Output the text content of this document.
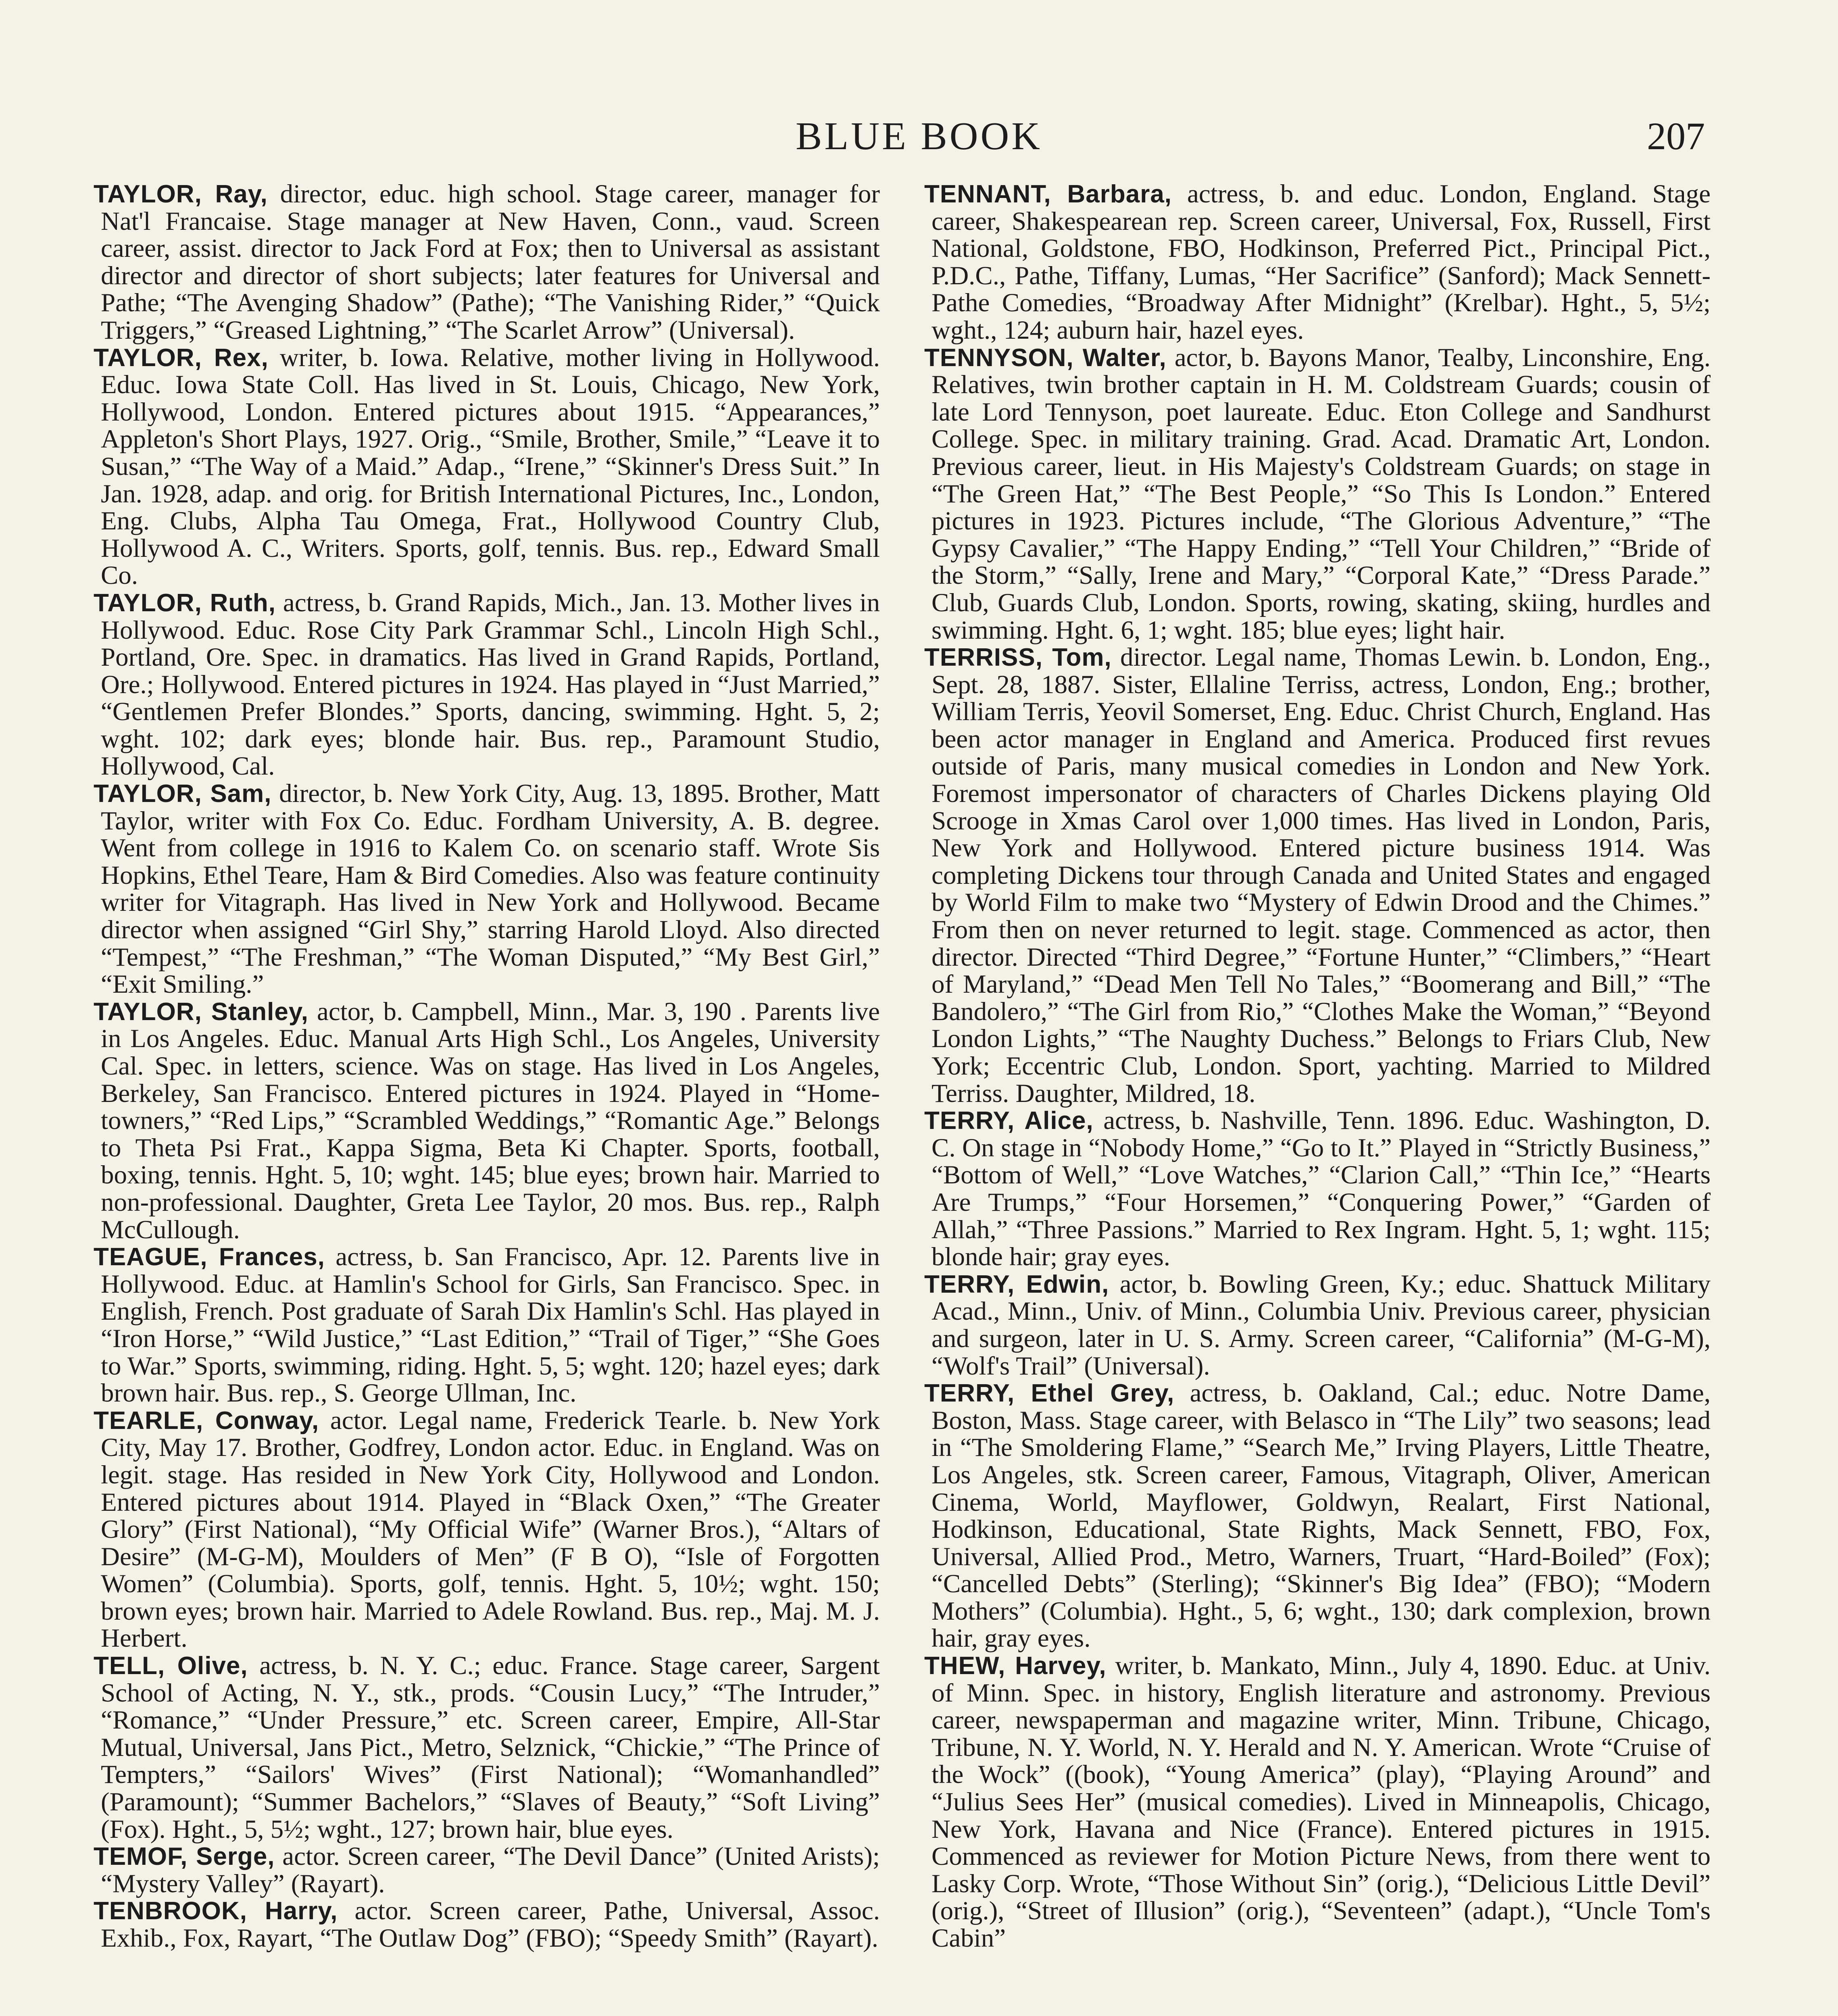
BLUE BOOK	207

TAYLOR, Ray, director, educ. high school. Stage career, manager for Nat'l Francaise. Stage manager at New Haven, Conn., vaud. Screen career, assist. director to Jack Ford at Fox; then to Universal as assistant director and director of short subjects; later features for Universal and Pathe; “The Avenging Shadow” (Pathe); “The Vanishing Rider,” “Quick Triggers,” “Greased Lightning,” “The Scarlet Arrow” (Universal).

TAYLOR, Rex, writer, b. Iowa. Relative, mother living in Hollywood. Educ. Iowa State Coll. Has lived in St. Louis, Chicago, New York, Hollywood, London. Entered pictures about 1915. “Appearances,” Appleton's Short Plays, 1927. Orig., “Smile, Brother, Smile,” “Leave it to Susan,” “The Way of a Maid.” Adap., “Irene,” “Skinner's Dress Suit.” In Jan. 1928, adap. and orig. for British International Pictures, Inc., London, Eng. Clubs, Alpha Tau Omega, Frat., Hollywood Country Club, Hollywood A. C., Writers. Sports, golf, tennis. Bus. rep., Edward Small Co.

TAYLOR, Ruth, actress, b. Grand Rapids, Mich., Jan. 13. Mother lives in Hollywood. Educ. Rose City Park Grammar Schl., Lincoln High Schl., Portland, Ore. Spec. in dramatics. Has lived in Grand Rapids, Portland, Ore.; Hollywood. Entered pictures in 1924. Has played in “Just Married,” “Gentlemen Prefer Blondes.” Sports, dancing, swimming. Hght. 5, 2; wght. 102; dark eyes; blonde hair. Bus. rep., Paramount Studio, Hollywood, Cal.

TAYLOR, Sam, director, b. New York City, Aug. 13, 1895. Brother, Matt Taylor, writer with Fox Co. Educ. Fordham University, A. B. degree. Went from college in 1916 to Kalem Co. on scenario staff. Wrote Sis Hopkins, Ethel Teare, Ham & Bird Comedies. Also was feature continuity writer for Vitagraph. Has lived in New York and Hollywood. Became director when assigned “Girl Shy,” starring Harold Lloyd. Also directed “Tempest,” “The Freshman,” “The Woman Disputed,” “My Best Girl,” “Exit Smiling.”

TAYLOR, Stanley, actor, b. Campbell, Minn., Mar. 3, 190 . Parents live in Los Angeles. Educ. Manual Arts High Schl., Los Angeles, University Cal. Spec. in letters, science. Was on stage. Has lived in Los Angeles, Berkeley, San Francisco. Entered pictures in 1924. Played in “Home-towners,” “Red Lips,” “Scrambled Weddings,” “Romantic Age.” Belongs to Theta Psi Frat., Kappa Sigma, Beta Ki Chapter. Sports, football, boxing, tennis. Hght. 5, 10; wght. 145; blue eyes; brown hair. Married to non-professional. Daughter, Greta Lee Taylor, 20 mos. Bus. rep., Ralph McCullough.

TEAGUE, Frances, actress, b. San Francisco, Apr. 12. Parents live in Hollywood. Educ. at Hamlin's School for Girls, San Francisco. Spec. in English, French. Post graduate of Sarah Dix Hamlin's Schl. Has played in “Iron Horse,” “Wild Justice,” “Last Edition,” “Trail of Tiger,” “She Goes to War.” Sports, swimming, riding. Hght. 5, 5; wght. 120; hazel eyes; dark brown hair. Bus. rep., S. George Ullman, Inc.

TEARLE, Conway, actor. Legal name, Frederick Tearle. b. New York City, May 17. Brother, Godfrey, London actor. Educ. in England. Was on legit. stage. Has resided in New York City, Hollywood and London. Entered pictures about 1914. Played in “Black Oxen,” “The Greater Glory” (First National), “My Official Wife” (Warner Bros.), “Altars of Desire” (M-G-M), Moulders of Men” (F B O), “Isle of Forgotten Women” (Columbia). Sports, golf, tennis. Hght. 5, 10½; wght. 150; brown eyes; brown hair. Married to Adele Rowland. Bus. rep., Maj. M. J. Herbert.

TELL, Olive, actress, b. N. Y. C.; educ. France. Stage career, Sargent School of Acting, N. Y., stk., prods. “Cousin Lucy,” “The Intruder,” “Romance,” “Under Pressure,” etc. Screen career, Empire, All-Star Mutual, Universal, Jans Pict., Metro, Selznick, “Chickie,” “The Prince of Tempters,” “Sailors' Wives” (First National); “Womanhandled” (Paramount); “Summer Bachelors,” “Slaves of Beauty,” “Soft Living” (Fox). Hght., 5, 5½; wght., 127; brown hair, blue eyes.

TEMOF, Serge, actor. Screen career, “The Devil Dance” (United Arists); “Mystery Valley” (Rayart).

TENBROOK, Harry, actor. Screen career, Pathe, Universal, Assoc. Exhib., Fox, Rayart, “The Outlaw Dog” (FBO); “Speedy Smith” (Rayart).

TENNANT, Barbara, actress, b. and educ. London, England. Stage career, Shakespearean rep. Screen career, Universal, Fox, Russell, First National, Goldstone, FBO, Hodkinson, Preferred Pict., Principal Pict., P.D.C., Pathe, Tiffany, Lumas, “Her Sacrifice” (Sanford); Mack Sennett-Pathe Comedies, “Broadway After Midnight” (Krelbar). Hght., 5, 5½; wght., 124; auburn hair, hazel eyes.

TENNYSON, Walter, actor, b. Bayons Manor, Tealby, Linconshire, Eng. Relatives, twin brother captain in H. M. Coldstream Guards; cousin of late Lord Tennyson, poet laureate. Educ. Eton College and Sandhurst College. Spec. in military training. Grad. Acad. Dramatic Art, London. Previous career, lieut. in His Majesty's Coldstream Guards; on stage in “The Green Hat,” “The Best People,” “So This Is London.” Entered pictures in 1923. Pictures include, “The Glorious Adventure,” “The Gypsy Cavalier,” “The Happy Ending,” “Tell Your Children,” “Bride of the Storm,” “Sally, Irene and Mary,” “Corporal Kate,” “Dress Parade.” Club, Guards Club, London. Sports, rowing, skating, skiing, hurdles and swimming. Hght. 6, 1; wght. 185; blue eyes; light hair.

TERRISS, Tom, director. Legal name, Thomas Lewin. b. London, Eng., Sept. 28, 1887. Sister, Ellaline Terriss, actress, London, Eng.; brother, William Terris, Yeovil Somerset, Eng. Educ. Christ Church, England. Has been actor manager in England and America. Produced first revues outside of Paris, many musical comedies in London and New York. Foremost impersonator of characters of Charles Dickens playing Old Scrooge in Xmas Carol over 1,000 times. Has lived in London, Paris, New York and Hollywood. Entered picture business 1914. Was completing Dickens tour through Canada and United States and engaged by World Film to make two “Mystery of Edwin Drood and the Chimes.” From then on never returned to legit. stage. Commenced as actor, then director. Directed “Third Degree,” “Fortune Hunter,” “Climbers,” “Heart of Maryland,” “Dead Men Tell No Tales,” “Boomerang and Bill,” “The Bandolero,” “The Girl from Rio,” “Clothes Make the Woman,” “Beyond London Lights,” “The Naughty Duchess.” Belongs to Friars Club, New York; Eccentric Club, London. Sport, yachting. Married to Mildred Terriss. Daughter, Mildred, 18.

TERRY, Alice, actress, b. Nashville, Tenn. 1896. Educ. Washington, D. C. On stage in “Nobody Home,” “Go to It.” Played in “Strictly Business,” “Bottom of Well,” “Love Watches,” “Clarion Call,” “Thin Ice,” “Hearts Are Trumps,” “Four Horsemen,” “Conquering Power,” “Garden of Allah,” “Three Passions.” Married to Rex Ingram. Hght. 5, 1; wght. 115; blonde hair; gray eyes.

TERRY, Edwin, actor, b. Bowling Green, Ky.; educ. Shattuck Military Acad., Minn., Univ. of Minn., Columbia Univ. Previous career, physician and surgeon, later in U. S. Army. Screen career, “California” (M-G-M), “Wolf's Trail” (Universal).

TERRY, Ethel Grey, actress, b. Oakland, Cal.; educ. Notre Dame, Boston, Mass. Stage career, with Belasco in “The Lily” two seasons; lead in “The Smoldering Flame,” “Search Me,” Irving Players, Little Theatre, Los Angeles, stk. Screen career, Famous, Vitagraph, Oliver, American Cinema, World, Mayflower, Goldwyn, Realart, First National, Hodkinson, Educational, State Rights, Mack Sennett, FBO, Fox, Universal, Allied Prod., Metro, Warners, Truart, “Hard-Boiled” (Fox); “Cancelled Debts” (Sterling); “Skinner's Big Idea” (FBO); “Modern Mothers” (Columbia). Hght., 5, 6; wght., 130; dark complexion, brown hair, gray eyes.

THEW, Harvey, writer, b. Mankato, Minn., July 4, 1890. Educ. at Univ. of Minn. Spec. in history, English literature and astronomy. Previous career, newspaperman and magazine writer, Minn. Tribune, Chicago, Tribune, N. Y. World, N. Y. Herald and N. Y. American. Wrote “Cruise of the Wock” ((book), “Young America” (play), “Playing Around” and “Julius Sees Her” (musical comedies). Lived in Minneapolis, Chicago, New York, Havana and Nice (France). Entered pictures in 1915. Commenced as reviewer for Motion Picture News, from there went to Lasky Corp. Wrote, “Those Without Sin” (orig.), “Delicious Little Devil” (orig.), “Street of Illusion” (orig.), “Seventeen” (adapt.), “Uncle Tom's Cabin”
